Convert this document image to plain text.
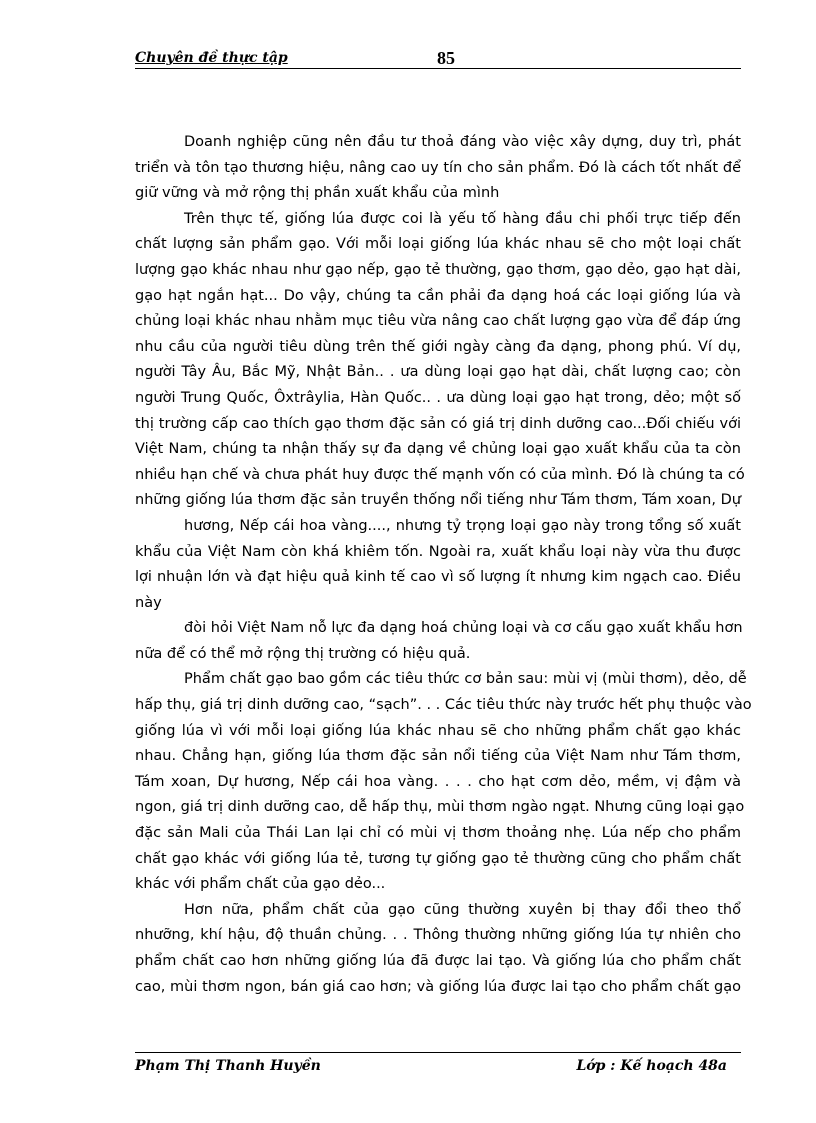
Chuyên đề thực tập	85
Doanh nghiệp cũng nên đầu tư thoả đáng vào việc xây dựng, duy trì, phát
triển và tôn tạo thương hiệu, nâng cao uy tín cho sản phẩm. Đó là cách tốt nhất để
giữ vững và mở rộng thị phần xuất khẩu của mình
Trên thực tế, giống lúa được coi là yếu tố hàng đầu chi phối trực tiếp đến
chất lượng sản phẩm gạo. Với mỗi loại giống lúa khác nhau sẽ cho một loại chất
lượng gạo khác nhau như gạo nếp, gạo tẻ thường, gạo thơm, gạo dẻo, gạo hạt dài,
gạo hạt ngắn hạt... Do vậy, chúng ta cần phải đa dạng hoá các loại giống lúa và
chủng loại khác nhau nhằm mục tiêu vừa nâng cao chất lượng gạo vừa để đáp ứng
nhu cầu của người tiêu dùng trên thế giới ngày càng đa dạng, phong phú. Ví dụ,
người Tây Âu, Bắc Mỹ, Nhật Bản.. . ưa dùng loại gạo hạt dài, chất lượng cao; còn
người Trung Quốc, Ôxtrâylia, Hàn Quốc.. . ưa dùng loại gạo hạt trong, dẻo; một số
thị trường cấp cao thích gạo thơm đặc sản có giá trị dinh dưỡng cao...Đối chiếu với
Việt Nam, chúng ta nhận thấy sự đa dạng về chủng loại gạo xuất khẩu của ta còn
nhiều hạn chế và chưa phát huy được thế mạnh vốn có của mình. Đó là chúng ta có
những giống lúa thơm đặc sản truyền thống nổi tiếng như Tám thơm, Tám xoan, Dự
hương, Nếp cái hoa vàng...., nhưng tỷ trọng loại gạo này trong tổng số xuất
khẩu của Việt Nam còn khá khiêm tốn. Ngoài ra, xuất khẩu loại này vừa thu được
lợi nhuận lớn và đạt hiệu quả kinh tế cao vì số lượng ít nhưng kim ngạch cao. Điều
này
đòi hỏi Việt Nam nỗ lực đa dạng hoá chủng loại và cơ cấu gạo xuất khẩu hơn
nữa để có thể mở rộng thị trường có hiệu quả.
Phẩm chất gạo bao gồm các tiêu thức cơ bản sau: mùi vị (mùi thơm), dẻo, dễ
hấp thụ, giá trị dinh dưỡng cao, “sạch”. . . Các tiêu thức này trước hết phụ thuộc vào
giống lúa vì với mỗi loại giống lúa khác nhau sẽ cho những phẩm chất gạo khác
nhau. Chẳng hạn, giống lúa thơm đặc sản nổi tiếng của Việt Nam như Tám thơm,
Tám xoan, Dự hương, Nếp cái hoa vàng. . . . cho hạt cơm dẻo, mềm, vị đậm và
ngon, giá trị dinh dưỡng cao, dễ hấp thụ, mùi thơm ngào ngạt. Nhưng cũng loại gạo
đặc sản Mali của Thái Lan lại chỉ có mùi vị thơm thoảng nhẹ. Lúa nếp cho phẩm
chất gạo khác với giống lúa tẻ, tương tự giống gạo tẻ thường cũng cho phẩm chất
khác với phẩm chất của gạo dẻo...
Hơn nữa, phẩm chất của gạo cũng thường xuyên bị thay đổi theo thổ
nhưỡng, khí hậu, độ thuần chủng. . . Thông thường những giống lúa tự nhiên cho
phẩm chất cao hơn những giống lúa đã được lai tạo. Và giống lúa cho phẩm chất
cao, mùi thơm ngon, bán giá cao hơn; và giống lúa được lai tạo cho phẩm chất gạo
Phạm Thị Thanh Huyền	Lớp : Kế hoạch 48a
